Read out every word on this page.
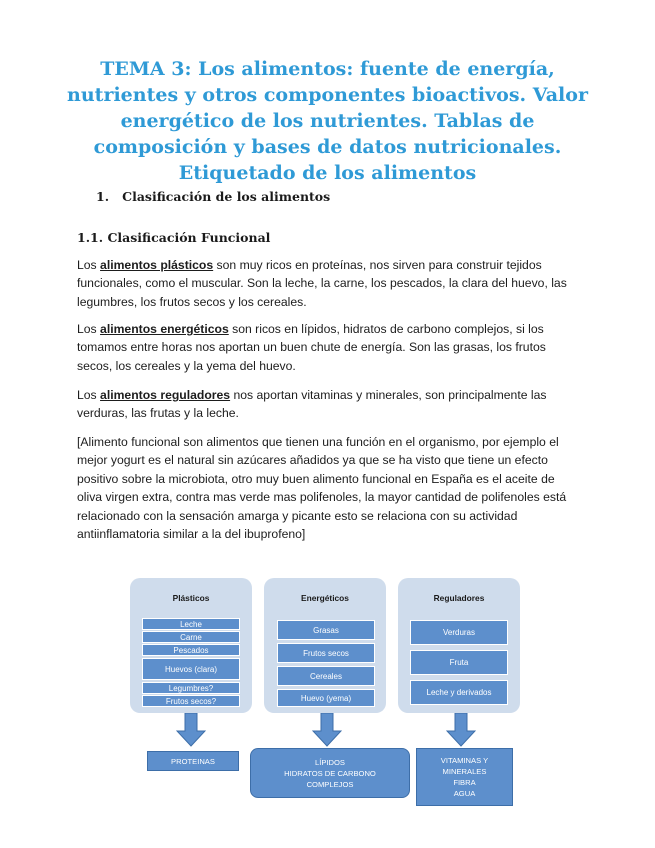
TEMA 3: Los alimentos: fuente de energía, nutrientes y otros componentes bioactivos. Valor energético de los nutrientes. Tablas de composición y bases de datos nutricionales. Etiquetado de los alimentos
1. Clasificación de los alimentos
1.1. Clasificación Funcional

Los alimentos plásticos son muy ricos en proteínas, nos sirven para construir tejidos funcionales, como el muscular. Son la leche, la carne, los pescados, la clara del huevo, las legumbres, los frutos secos y los cereales.

Los alimentos energéticos son ricos en lípidos, hidratos de carbono complejos, si los tomamos entre horas nos aportan un buen chute de energía. Son las grasas, los frutos secos, los cereales y la yema del huevo.

Los alimentos reguladores nos aportan vitaminas y minerales, son principalmente las verduras, las frutas y la leche.

[Alimento funcional son alimentos que tienen una función en el organismo, por ejemplo el mejor yogurt es el natural sin azúcares añadidos ya que se ha visto que tiene un efecto positivo sobre la microbiota, otro muy buen alimento funcional en España es el aceite de oliva virgen extra, contra mas verde mas polifenoles, la mayor cantidad de polifenoles está relacionado con la sensación amarga y picante esto se relaciona con su actividad antiinflamatoria similar a la del ibuprofeno]

Plásticos
Leche
Carne
Pescados
Huevos (clara)
Legumbres?
Frutos secos?
Energéticos
Grasas
Frutos secos
Cereales
Huevo (yema)
Reguladores
Verduras
Fruta
Leche y derivados
PROTEINAS	LÍPIDOS
HIDRATOS DE CARBONO
COMPLEJOS
VITAMINAS Y
MINERALES
FIBRA
AGUA
